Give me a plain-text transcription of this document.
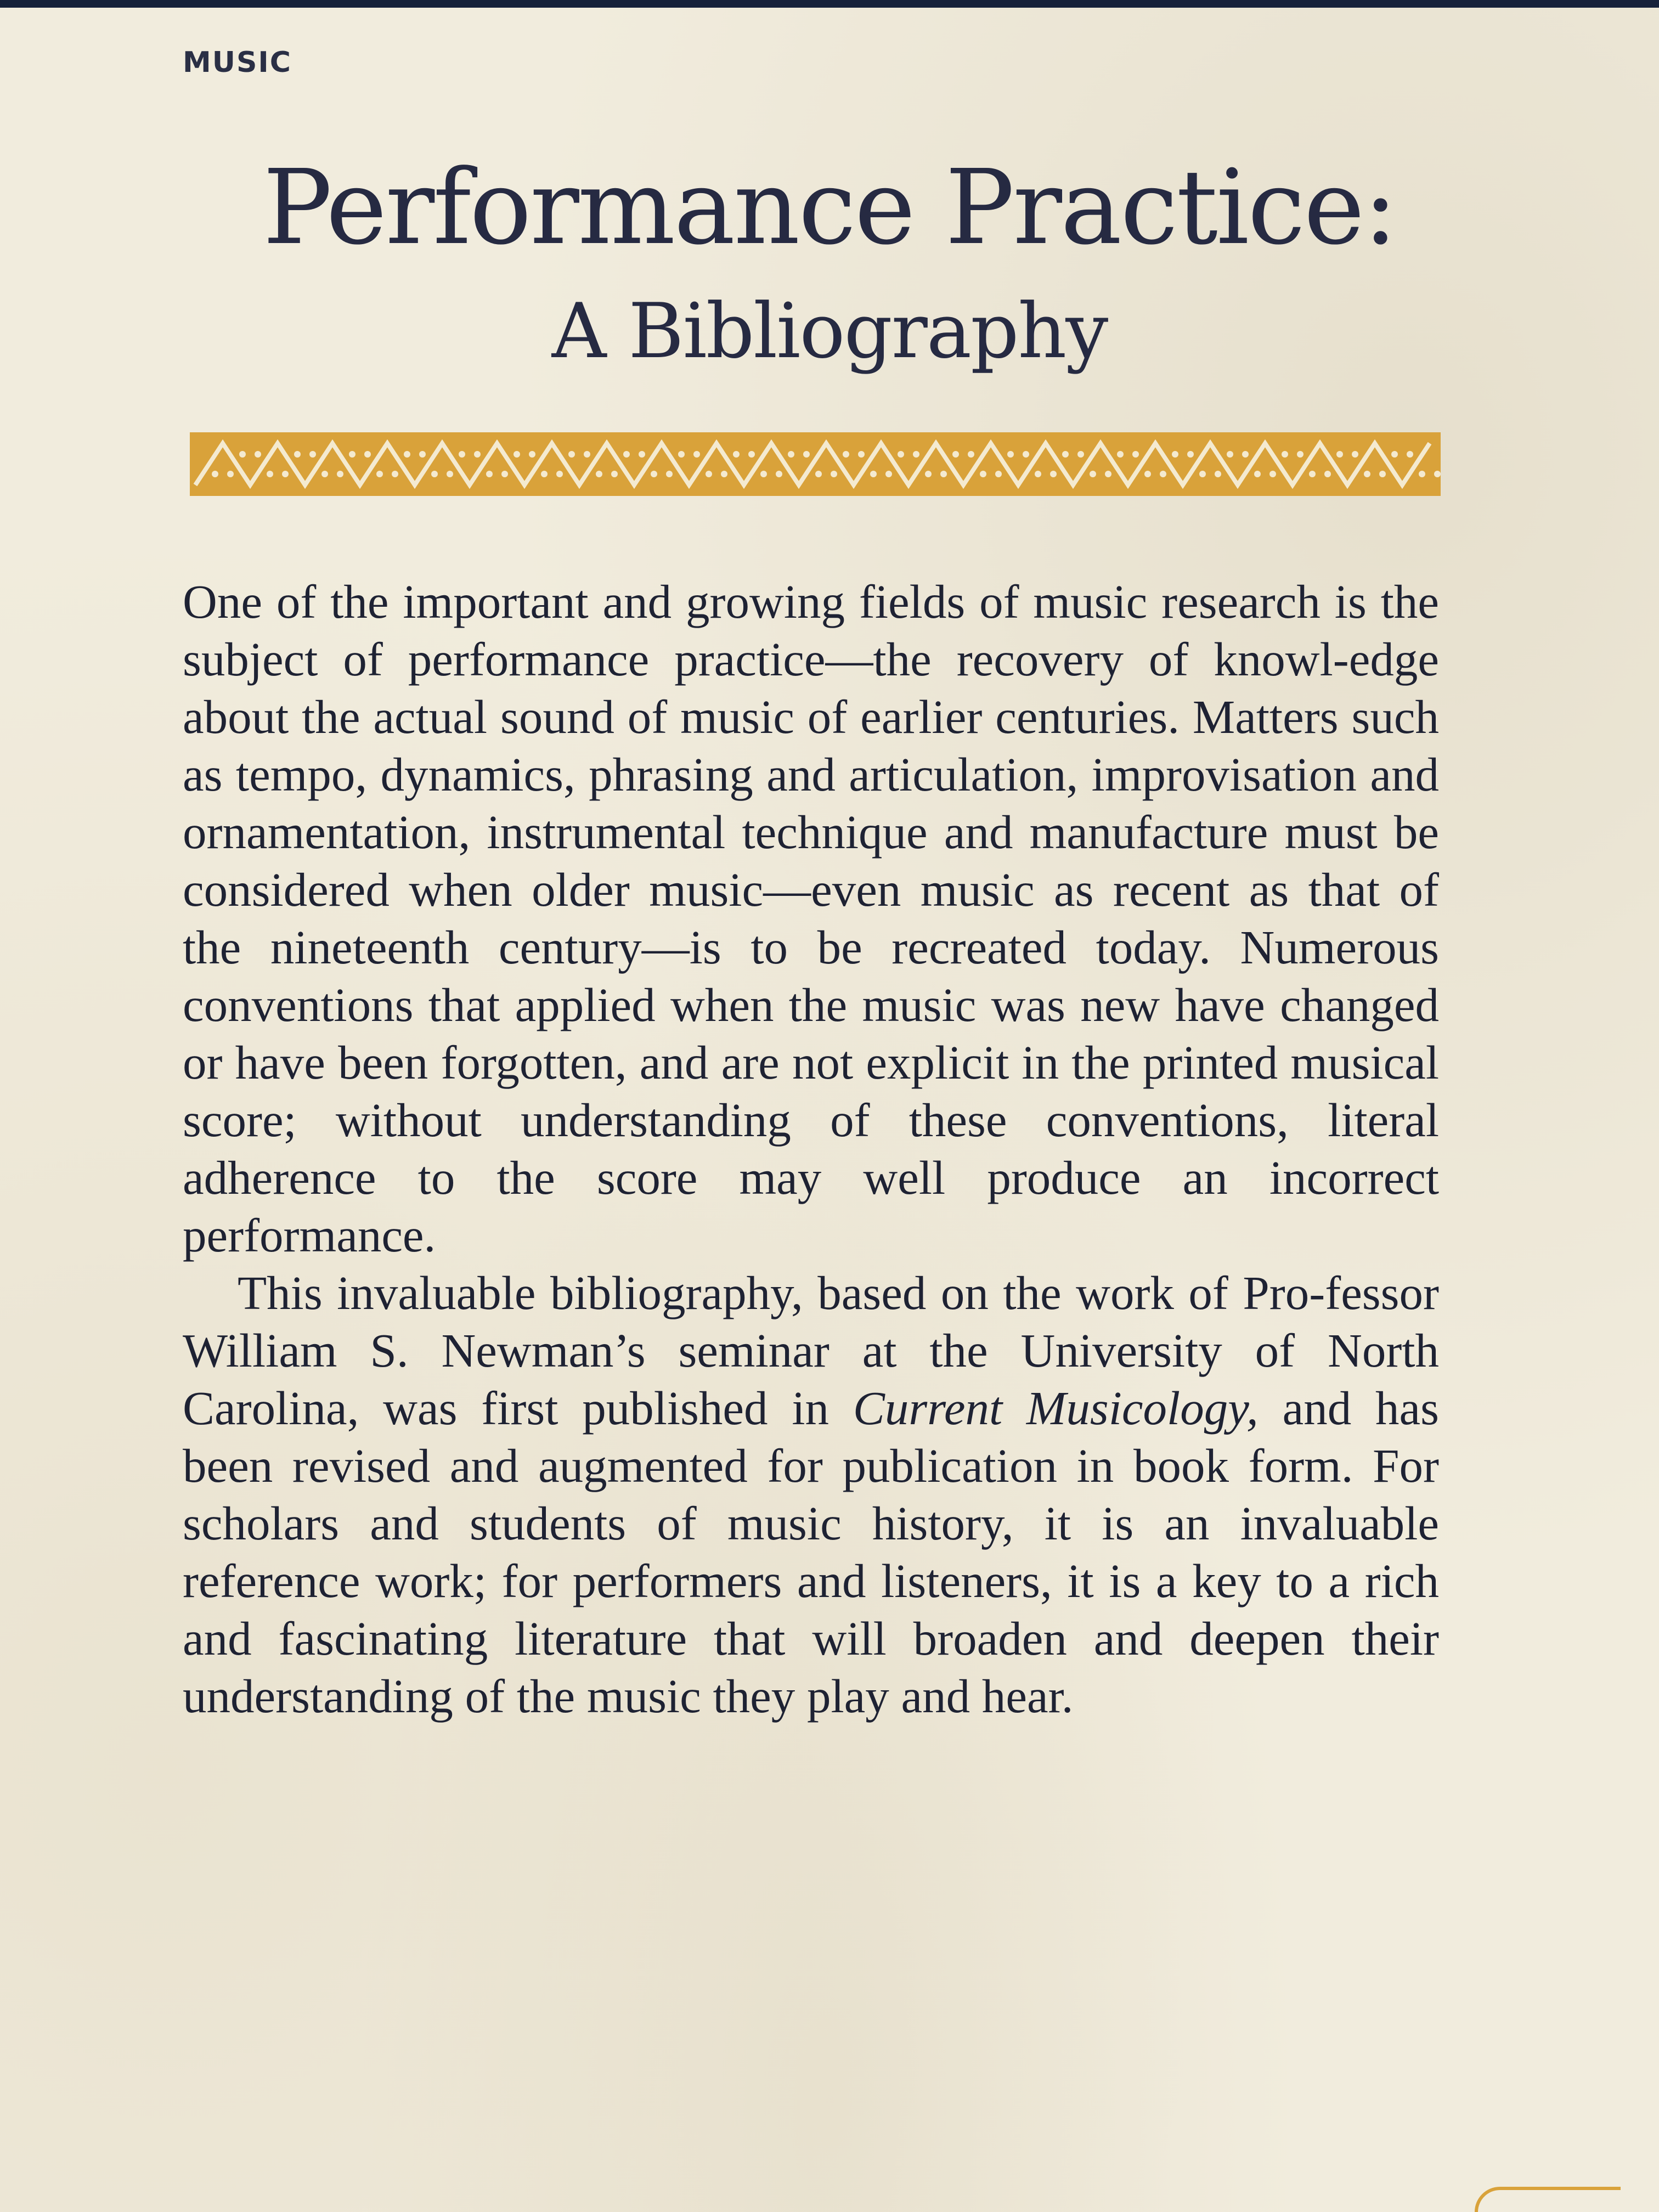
MUSIC
Performance Practice:
A Bibliography

One of the important and growing fields of music research is the subject of performance practice—the recovery of knowl-edge about the actual sound of music of earlier centuries. Matters such as tempo, dynamics, phrasing and articulation, improvisation and ornamentation, instrumental technique and manufacture must be considered when older music—even music as recent as that of the nineteenth century—is to be recreated today. Numerous conventions that applied when the music was new have changed or have been forgotten, and are not explicit in the printed musical score; without understanding of these conventions, literal adherence to the score may well produce an incorrect performance.

This invaluable bibliography, based on the work of Pro-fessor William S. Newman’s seminar at the University of North Carolina, was first published in Current Musicology, and has been revised and augmented for publication in book form. For scholars and students of music history, it is an invaluable reference work; for performers and listeners, it is a key to a rich and fascinating literature that will broaden and deepen their understanding of the music they play and hear.
